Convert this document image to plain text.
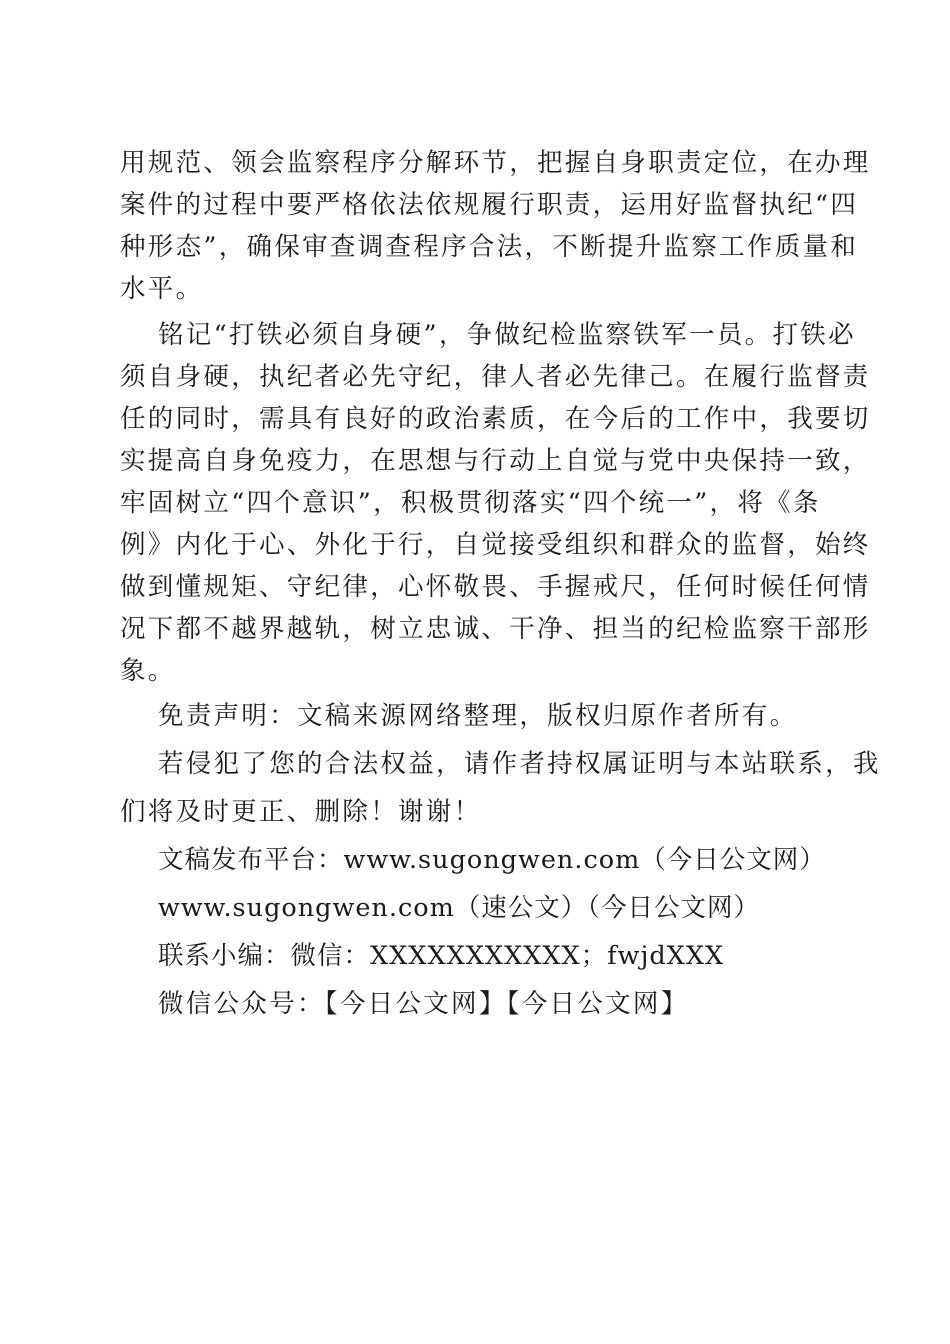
用规范、领会监察程序分解环节，把握自身职责定位，在办理
案件的过程中要严格依法依规履行职责，运用好监督执纪“四
种形态”，确保审查调查程序合法，不断提升监察工作质量和
水平。
铭记“打铁必须自身硬”，争做纪检监察铁军一员。打铁必
须自身硬，执纪者必先守纪，律人者必先律己。在履行监督责
任的同时，需具有良好的政治素质，在今后的工作中，我要切
实提高自身免疫力，在思想与行动上自觉与党中央保持一致，
牢固树立“四个意识”，积极贯彻落实“四个统一”，将《条
例》内化于心、外化于行，自觉接受组织和群众的监督，始终
做到懂规矩、守纪律，心怀敬畏、手握戒尺，任何时候任何情
况下都不越界越轨，树立忠诚、干净、担当的纪检监察干部形
象。
免责声明：文稿来源网络整理，版权归原作者所有。
若侵犯了您的合法权益，请作者持权属证明与本站联系，我
们将及时更正、删除！谢谢！
文稿发布平台：www.sugongwen.com（今日公文网）
www.sugongwen.com（速公文）（今日公文网）
联系小编：微信：XXXXXXXXXXX；fwjdXXX
微信公众号：【今日公文网】【今日公文网】
